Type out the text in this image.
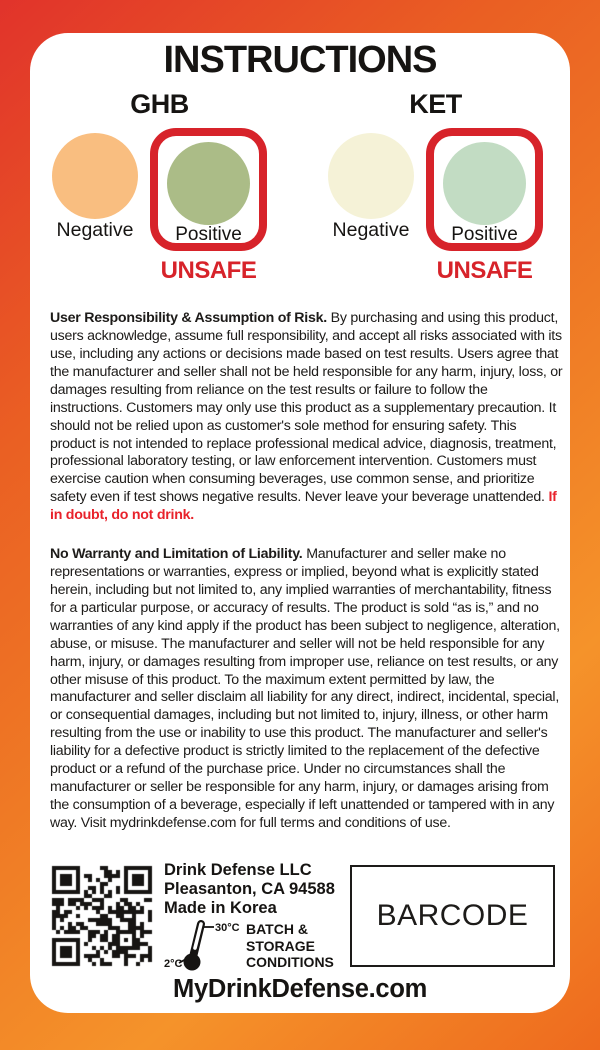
INSTRUCTIONS
GHB
Negative	Positive
UNSAFE
KET
Negative	Positive
UNSAFE

User Responsibility & Assumption of Risk. By purchasing and using this product, users acknowledge, assume full responsibility, and accept all risks associated with its use, including any actions or decisions made based on test results. Users agree that the manufacturer and seller shall not be held responsible for any harm, injury, loss, or damages resulting from reliance on the test results or failure to follow the instructions. Customers may only use this product as a supplementary precaution. It should not be relied upon as customer's sole method for ensuring safety. This product is not intended to replace professional medical advice, diagnosis, treatment, professional laboratory testing, or law enforcement intervention. Customers must exercise caution when consuming beverages, use common sense, and prioritize safety even if test shows negative results. Never leave your beverage unattended. If in doubt, do not drink.

No Warranty and Limitation of Liability. Manufacturer and seller make no representations or warranties, express or implied, beyond what is explicitly stated herein, including but not limited to, any implied warranties of merchantability, fitness for a particular purpose, or accuracy of results. The product is sold “as is,” and no warranties of any kind apply if the product has been subject to negligence, alteration, abuse, or misuse. The manufacturer and seller will not be held responsible for any harm, injury, or damages resulting from improper use, reliance on test results, or any other misuse of this product. To the maximum extent permitted by law, the manufacturer and seller disclaim all liability for any direct, indirect, incidental, special, or consequential damages, including but not limited to, injury, illness, or other harm resulting from the use or inability to use this product. The manufacturer and seller's liability for a defective product is strictly limited to the replacement of the defective product or a refund of the purchase price. Under no circumstances shall the manufacturer or seller be responsible for any harm, injury, or damages arising from the consumption of a beverage, especially if left unattended or tampered with in any way. Visit mydrinkdefense.com for full terms and conditions of use.

Drink Defense LLC
Pleasanton, CA 94588
Made in Korea
30°C
2°C
BATCH &
STORAGE
CONDITIONS
BARCODE
MyDrinkDefense.com
